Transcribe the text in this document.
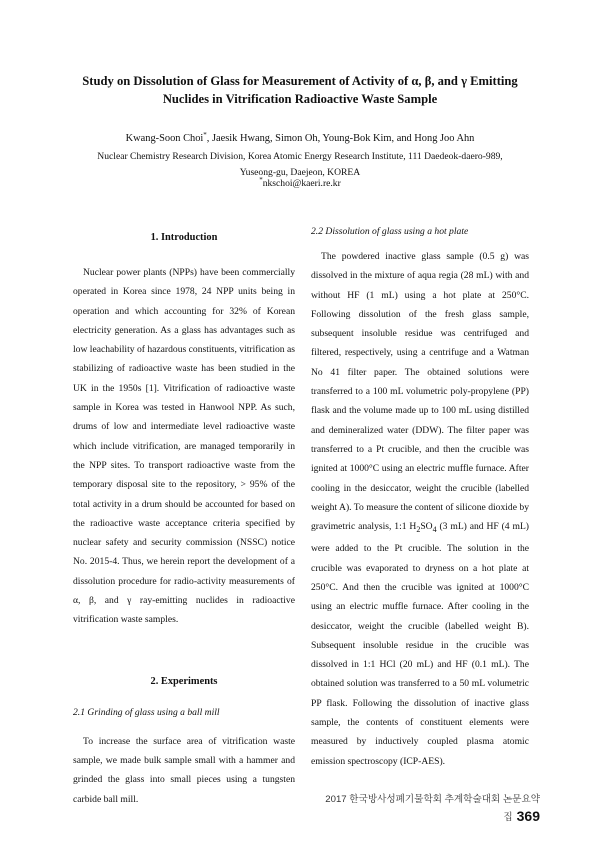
Study on Dissolution of Glass for Measurement of Activity of α, β, and γ Emitting Nuclides in Vitrification Radioactive Waste Sample
Kwang-Soon Choi*, Jaesik Hwang, Simon Oh, Young-Bok Kim, and Hong Joo Ahn
Nuclear Chemistry Research Division, Korea Atomic Energy Research Institute, 111 Daedeok-daero-989,
Yuseong-gu, Daejeon, KOREA
*nkschoi@kaeri.re.kr
1. Introduction

Nuclear power plants (NPPs) have been commercially operated in Korea since 1978, 24 NPP units being in operation and which accounting for 32% of Korean electricity generation. As a glass has advantages such as low leachability of hazardous constituents, vitrification as stabilizing of radioactive waste has been studied in the UK in the 1950s [1]. Vitrification of radioactive waste sample in Korea was tested in Hanwool NPP. As such, drums of low and intermediate level radioactive waste which include vitrification, are managed temporarily in the NPP sites. To transport radioactive waste from the temporary disposal site to the repository, > 95% of the total activity in a drum should be accounted for based on the radioactive waste acceptance criteria specified by nuclear safety and security commission (NSSC) notice No. 2015-4. Thus, we herein report the development of a dissolution procedure for radio-activity measurements of α, β, and γ ray-emitting nuclides in radioactive vitrification waste samples.

2. Experiments
2.1 Grinding of glass using a ball mill

To increase the surface area of vitrification waste sample, we made bulk sample small with a hammer and grinded the glass into small pieces using a tungsten carbide ball mill.

2.2 Dissolution of glass using a hot plate

The powdered inactive glass sample (0.5 g) was dissolved in the mixture of aqua regia (28 mL) with and without HF (1 mL) using a hot plate at 250°C. Following dissolution of the fresh glass sample, subsequent insoluble residue was centrifuged and filtered, respectively, using a centrifuge and a Watman No 41 filter paper. The obtained solutions were transferred to a 100 mL volumetric poly-propylene (PP) flask and the volume made up to 100 mL using distilled and demineralized water (DDW). The filter paper was transferred to a Pt crucible, and then the crucible was ignited at 1000°C using an electric muffle furnace. After cooling in the desiccator, weight the crucible (labelled weight A). To measure the content of silicone dioxide by gravimetric analysis, 1:1 $H_2SO_4$ (3 mL) and HF (4 mL) were added to the Pt crucible. The solution in the crucible was evaporated to dryness on a hot plate at 250°C. And then the crucible was ignited at 1000°C using an electric muffle furnace. After cooling in the desiccator, weight the crucible (labelled weight B). Subsequent insoluble residue in the crucible was dissolved in 1:1 HCl (20 mL) and HF (0.1 mL). The obtained solution was transferred to a 50 mL volumetric PP flask. Following the dissolution of inactive glass sample, the contents of constituent elements were measured by inductively coupled plasma atomic emission spectroscopy (ICP-AES).

2017 한국방사성폐기물학회 추계학술대회 논문요약집 369
